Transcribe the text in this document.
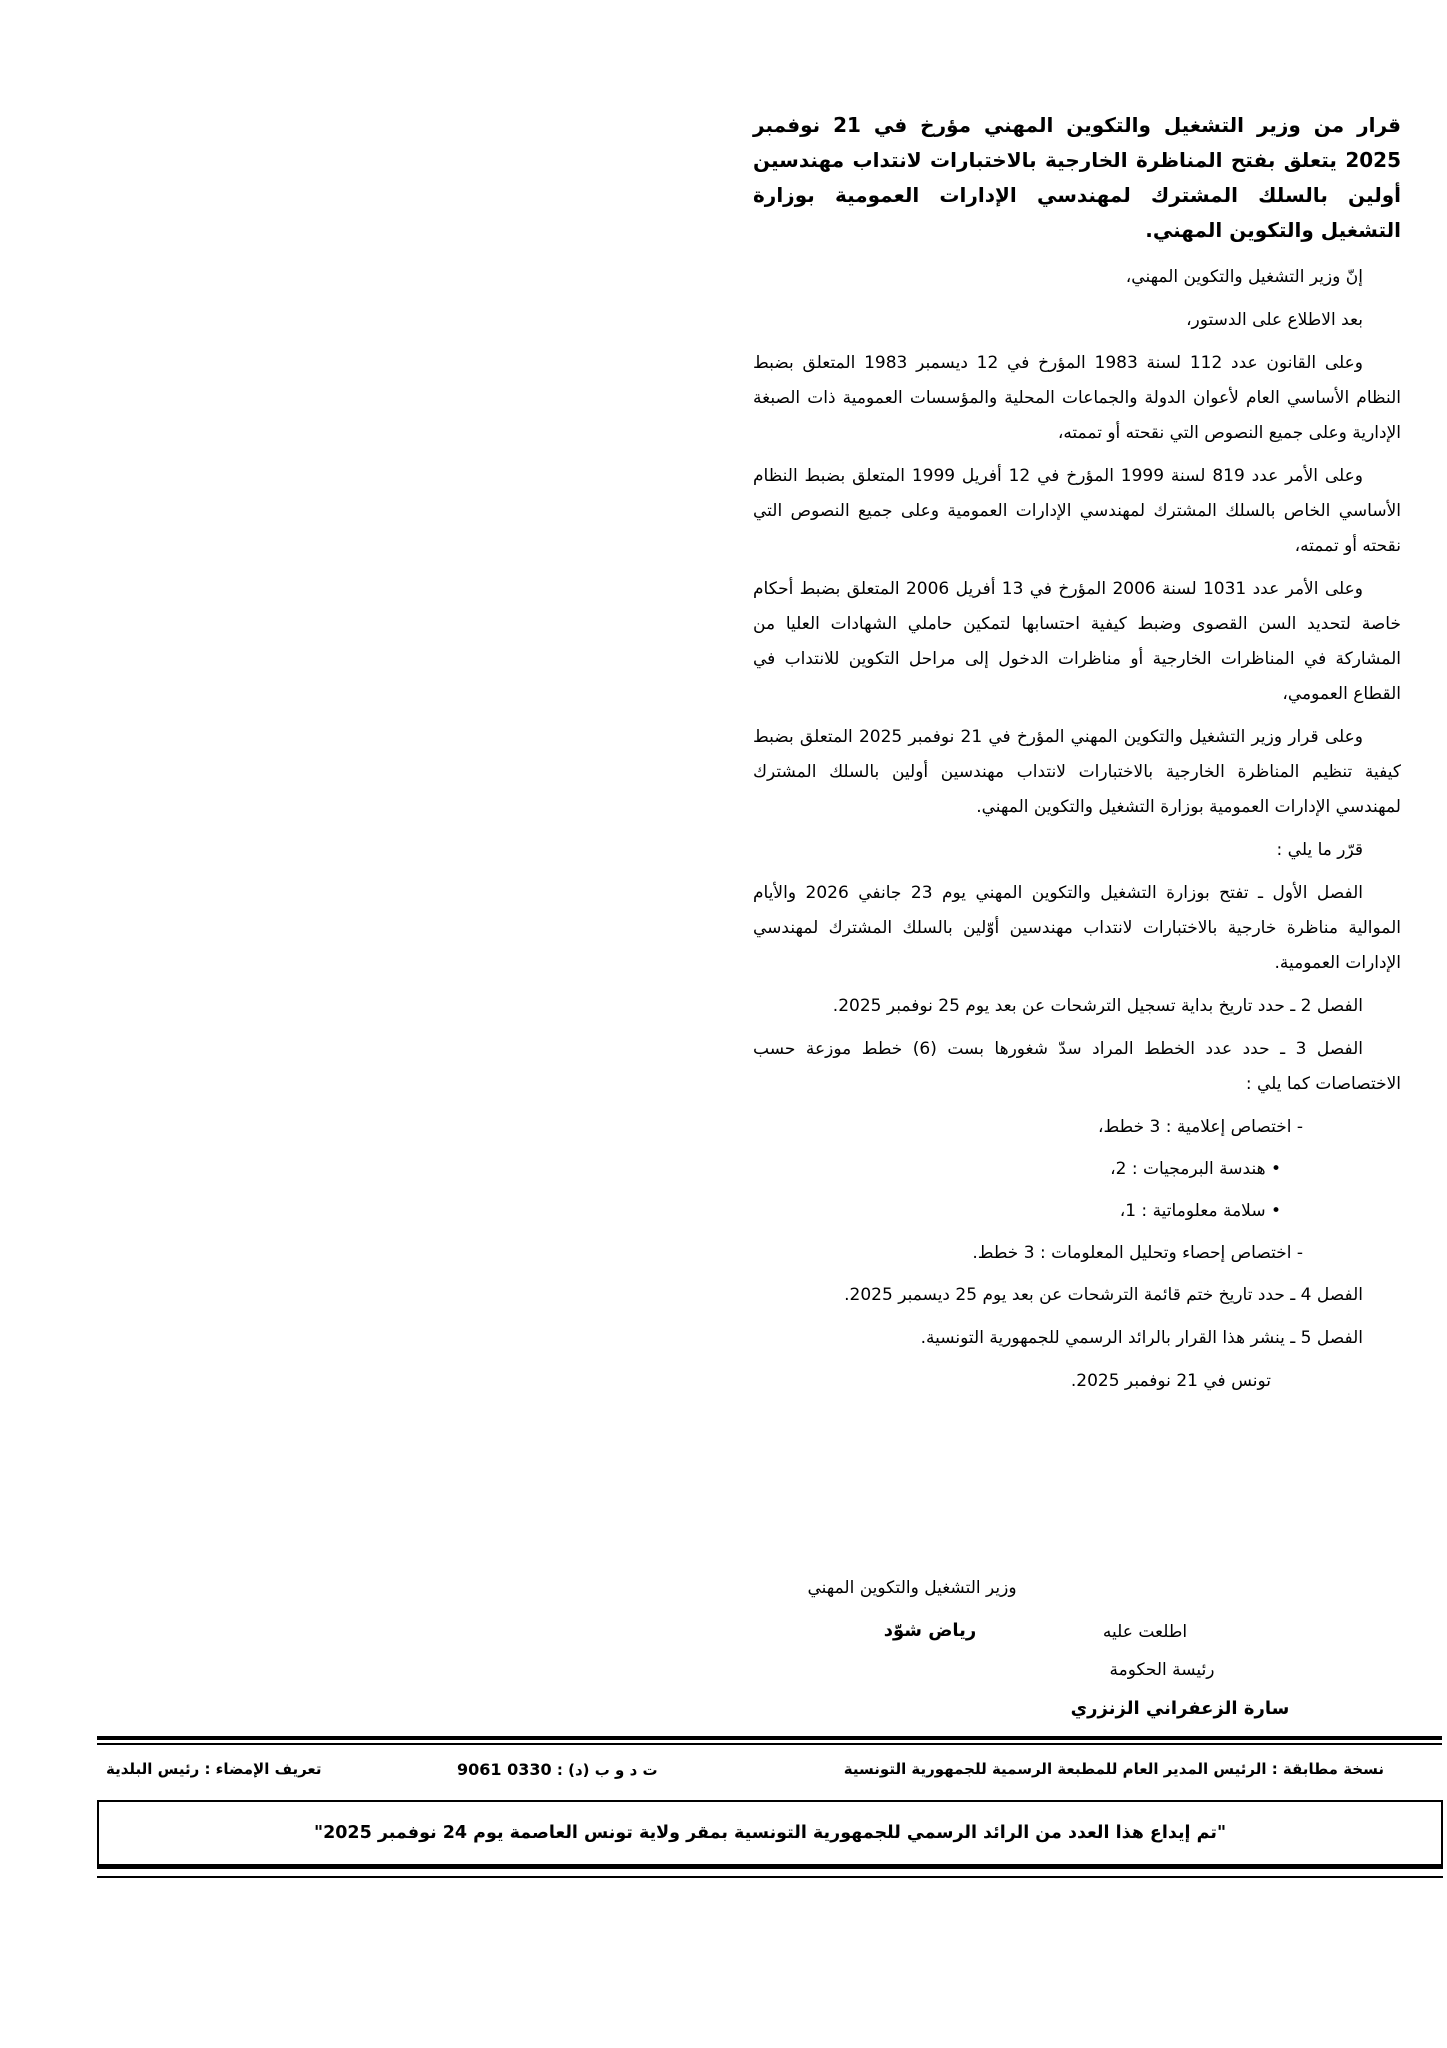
قرار من وزير التشغيل والتكوين المهني مؤرخ في 21 نوفمبر 2025 يتعلق بفتح المناظرة الخارجية بالاختبارات لانتداب مهندسين أولين بالسلك المشترك لمهندسي الإدارات العمومية بوزارة التشغيل والتكوين المهني.

إنّ وزير التشغيل والتكوين المهني،

بعد الاطلاع على الدستور،

وعلى القانون عدد 112 لسنة 1983 المؤرخ في 12 ديسمبر 1983 المتعلق بضبط النظام الأساسي العام لأعوان الدولة والجماعات المحلية والمؤسسات العمومية ذات الصبغة الإدارية وعلى جميع النصوص التي نقحته أو تممته،

وعلى الأمر عدد 819 لسنة 1999 المؤرخ في 12 أفريل 1999 المتعلق بضبط النظام الأساسي الخاص بالسلك المشترك لمهندسي الإدارات العمومية وعلى جميع النصوص التي نقحته أو تممته،

وعلى الأمر عدد 1031 لسنة 2006 المؤرخ في 13 أفريل 2006 المتعلق بضبط أحكام خاصة لتحديد السن القصوى وضبط كيفية احتسابها لتمكين حاملي الشهادات العليا من المشاركة في المناظرات الخارجية أو مناظرات الدخول إلى مراحل التكوين للانتداب في القطاع العمومي،

وعلى قرار وزير التشغيل والتكوين المهني المؤرخ في 21 نوفمبر 2025 المتعلق بضبط كيفية تنظيم المناظرة الخارجية بالاختبارات لانتداب مهندسين أولين بالسلك المشترك لمهندسي الإدارات العمومية بوزارة التشغيل والتكوين المهني.

قرّر ما يلي :

الفصل الأول ـ تفتح بوزارة التشغيل والتكوين المهني يوم 23 جانفي 2026 والأيام الموالية مناظرة خارجية بالاختبارات لانتداب مهندسين أوّلين بالسلك المشترك لمهندسي الإدارات العمومية.

الفصل 2 ـ حدد تاريخ بداية تسجيل الترشحات عن بعد يوم 25 نوفمبر 2025.

الفصل 3 ـ حدد عدد الخطط المراد سدّ شغورها بست (6) خطط موزعة حسب الاختصاصات كما يلي :

- اختصاص إعلامية : 3 خطط،

• هندسة البرمجيات : 2،

• سلامة معلوماتية : 1،

- اختصاص إحصاء وتحليل المعلومات : 3 خطط.

الفصل 4 ـ حدد تاريخ ختم قائمة الترشحات عن بعد يوم 25 ديسمبر 2025.

الفصل 5 ـ ينشر هذا القرار بالرائد الرسمي للجمهورية التونسية.

تونس في 21 نوفمبر 2025.

وزير التشغيل والتكوين المهني
رياض شوّد	اطلعت عليه
رئيسة الحكومة
سارة الزعفراني الزنزري
نسخة مطابقة : الرئيس المدير العام للمطبعة الرسمية للجمهورية التونسية
ت د و ب (د) : 0330 9061
تعريف الإمضاء : رئيس البلدية
"تم إيداع هذا العدد من الرائد الرسمي للجمهورية التونسية بمقر ولاية تونس العاصمة يوم 24 نوفمبر 2025"
